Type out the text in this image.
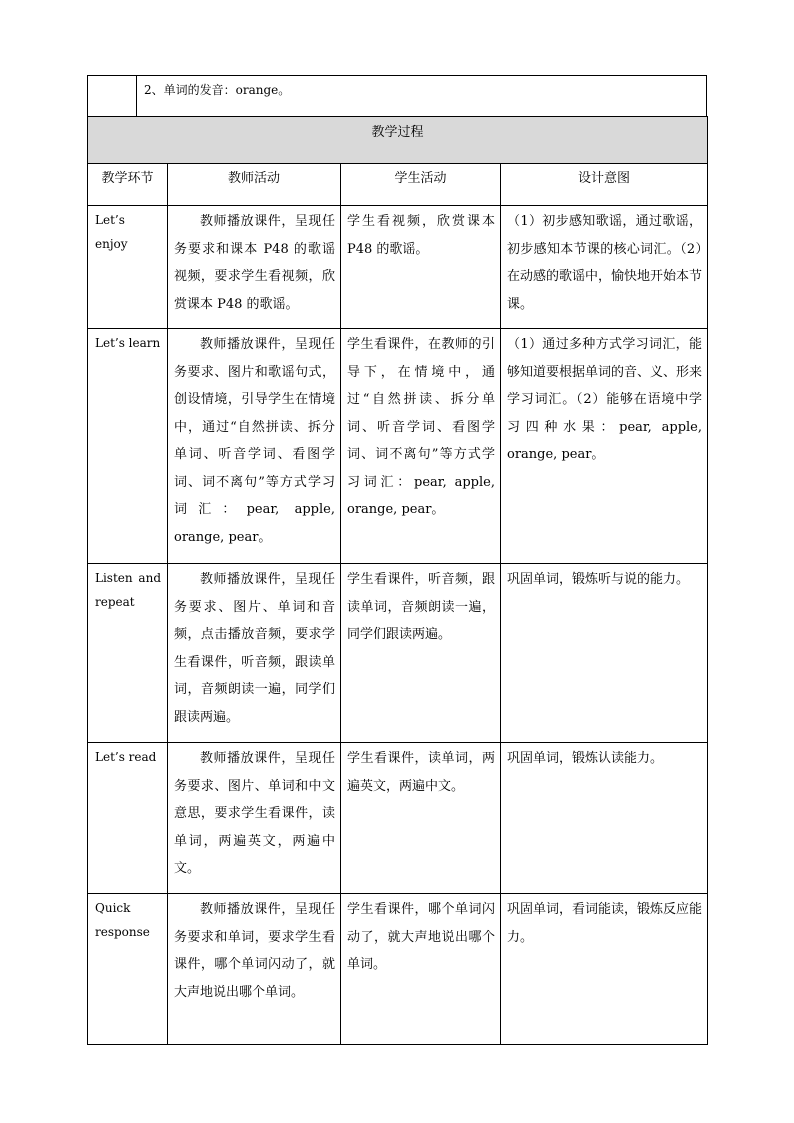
	2、单词的发音：orange。
教学过程			
教学环节	教师活动	学生活动	设计意图
Let’s enjoy	教师播放课件，呈现任务要求和课本 P48 的歌谣视频，要求学生看视频，欣赏课本 P48 的歌谣。	学生看视频，欣赏课本 P48 的歌谣。	（1）初步感知歌谣，通过歌谣，初步感知本节课的核心词汇。（2）在动感的歌谣中，愉快地开始本节课。
Let’s learn	教师播放课件，呈现任务要求、图片和歌谣句式，创设情境，引导学生在情境中，通过“自然拼读、拆分单词、听音学词、看图学词、词不离句”等方式学习词汇：pear, apple, orange, pear。	学生看课件，在教师的引导下，在情境中，通过“自然拼读、拆分单词、听音学词、看图学词、词不离句”等方式学习词汇：pear, apple, orange, pear。	（1）通过多种方式学习词汇，能够知道要根据单词的音、义、形来学习词汇。（2）能够在语境中学习四种水果：pear, apple, orange, pear。
Listen and repeat	教师播放课件，呈现任务要求、图片、单词和音频，点击播放音频，要求学生看课件，听音频，跟读单词，音频朗读一遍，同学们跟读两遍。	学生看课件，听音频，跟读单词，音频朗读一遍，同学们跟读两遍。	巩固单词，锻炼听与说的能力。
Let’s read	教师播放课件，呈现任务要求、图片、单词和中文意思，要求学生看课件，读单词，两遍英文，两遍中文。	学生看课件，读单词，两遍英文，两遍中文。	巩固单词，锻炼认读能力。
Quick response	教师播放课件，呈现任务要求和单词，要求学生看课件，哪个单词闪动了，就大声地说出哪个单词。	学生看课件，哪个单词闪动了，就大声地说出哪个单词。	巩固单词，看词能读，锻炼反应能力。
